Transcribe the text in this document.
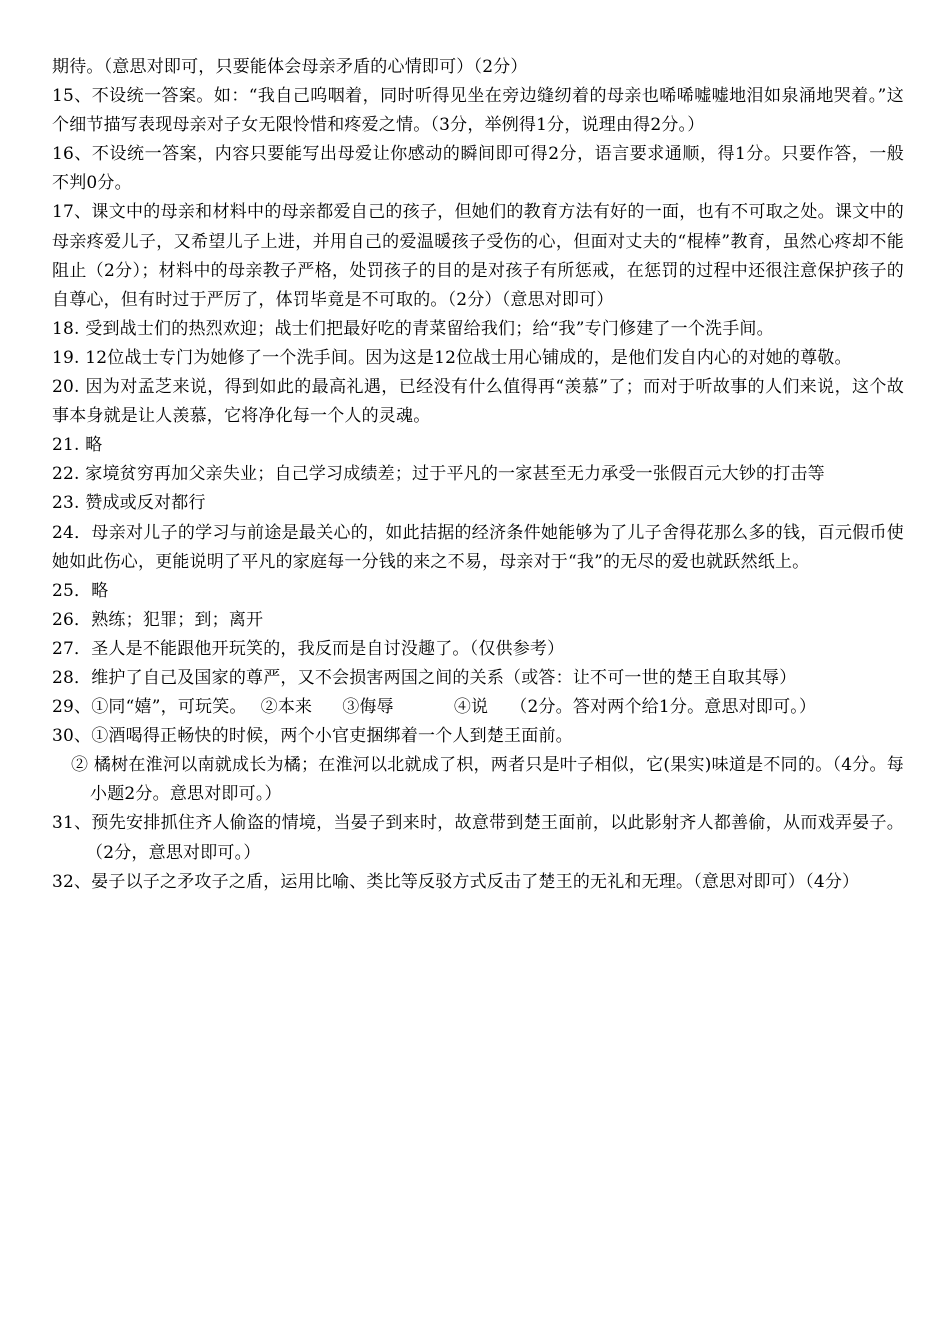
期待。（意思对即可，只要能体会母亲矛盾的心情即可）（2分）

15、不设统一答案。如：“我自己呜咽着，同时听得见坐在旁边缝纫着的母亲也唏唏嘘嘘地泪如泉涌地哭着。”这个细节描写表现母亲对子女无限怜惜和疼爱之情。（3分，举例得1分，说理由得2分。）

16、不设统一答案，内容只要能写出母爱让你感动的瞬间即可得2分，语言要求通顺，得1分。只要作答，一般不判0分。

17、课文中的母亲和材料中的母亲都爱自己的孩子，但她们的教育方法有好的一面，也有不可取之处。课文中的母亲疼爱儿子，又希望儿子上进，并用自己的爱温暖孩子受伤的心，但面对丈夫的“棍棒”教育，虽然心疼却不能阻止（2分）；材料中的母亲教子严格，处罚孩子的目的是对孩子有所惩戒，在惩罚的过程中还很注意保护孩子的自尊心，但有时过于严厉了，体罚毕竟是不可取的。（2分）（意思对即可）

18. 受到战士们的热烈欢迎；战士们把最好吃的青菜留给我们；给“我”专门修建了一个洗手间。

19. 12位战士专门为她修了一个洗手间。因为这是12位战士用心铺成的，是他们发自内心的对她的尊敬。

20. 因为对孟芝来说，得到如此的最高礼遇，已经没有什么值得再“羡慕”了；而对于听故事的人们来说，这个故事本身就是让人羡慕，它将净化每一个人的灵魂。

21. 略

22. 家境贫穷再加父亲失业；自己学习成绩差；过于平凡的一家甚至无力承受一张假百元大钞的打击等

23. 赞成或反对都行

24．母亲对儿子的学习与前途是最关心的，如此拮据的经济条件她能够为了儿子舍得花那么多的钱，百元假币使她如此伤心，更能说明了平凡的家庭每一分钱的来之不易，母亲对于“我”的无尽的爱也就跃然纸上。

25．略

26．熟练；犯罪；到；离开

27．圣人是不能跟他开玩笑的，我反而是自讨没趣了。（仅供参考）

28．维护了自己及国家的尊严，又不会损害两国之间的关系（或答：让不可一世的楚王自取其辱）

29、①同“嬉”，可玩笑。 ②本来 ③侮辱	④说 （2分。答对两个给1分。意思对即可。）

30、①酒喝得正畅快的时候，两个小官吏捆绑着一个人到楚王面前。

② 橘树在淮河以南就成长为橘；在淮河以北就成了枳，两者只是叶子相似，它(果实)味道是不同的。（4分。每小题2分。意思对即可。）

31、预先安排抓住齐人偷盗的情境，当晏子到来时，故意带到楚王面前，以此影射齐人都善偷，从而戏弄晏子。（2分，意思对即可。）

32、晏子以子之矛攻子之盾，运用比喻、类比等反驳方式反击了楚王的无礼和无理。（意思对即可）（4分）
